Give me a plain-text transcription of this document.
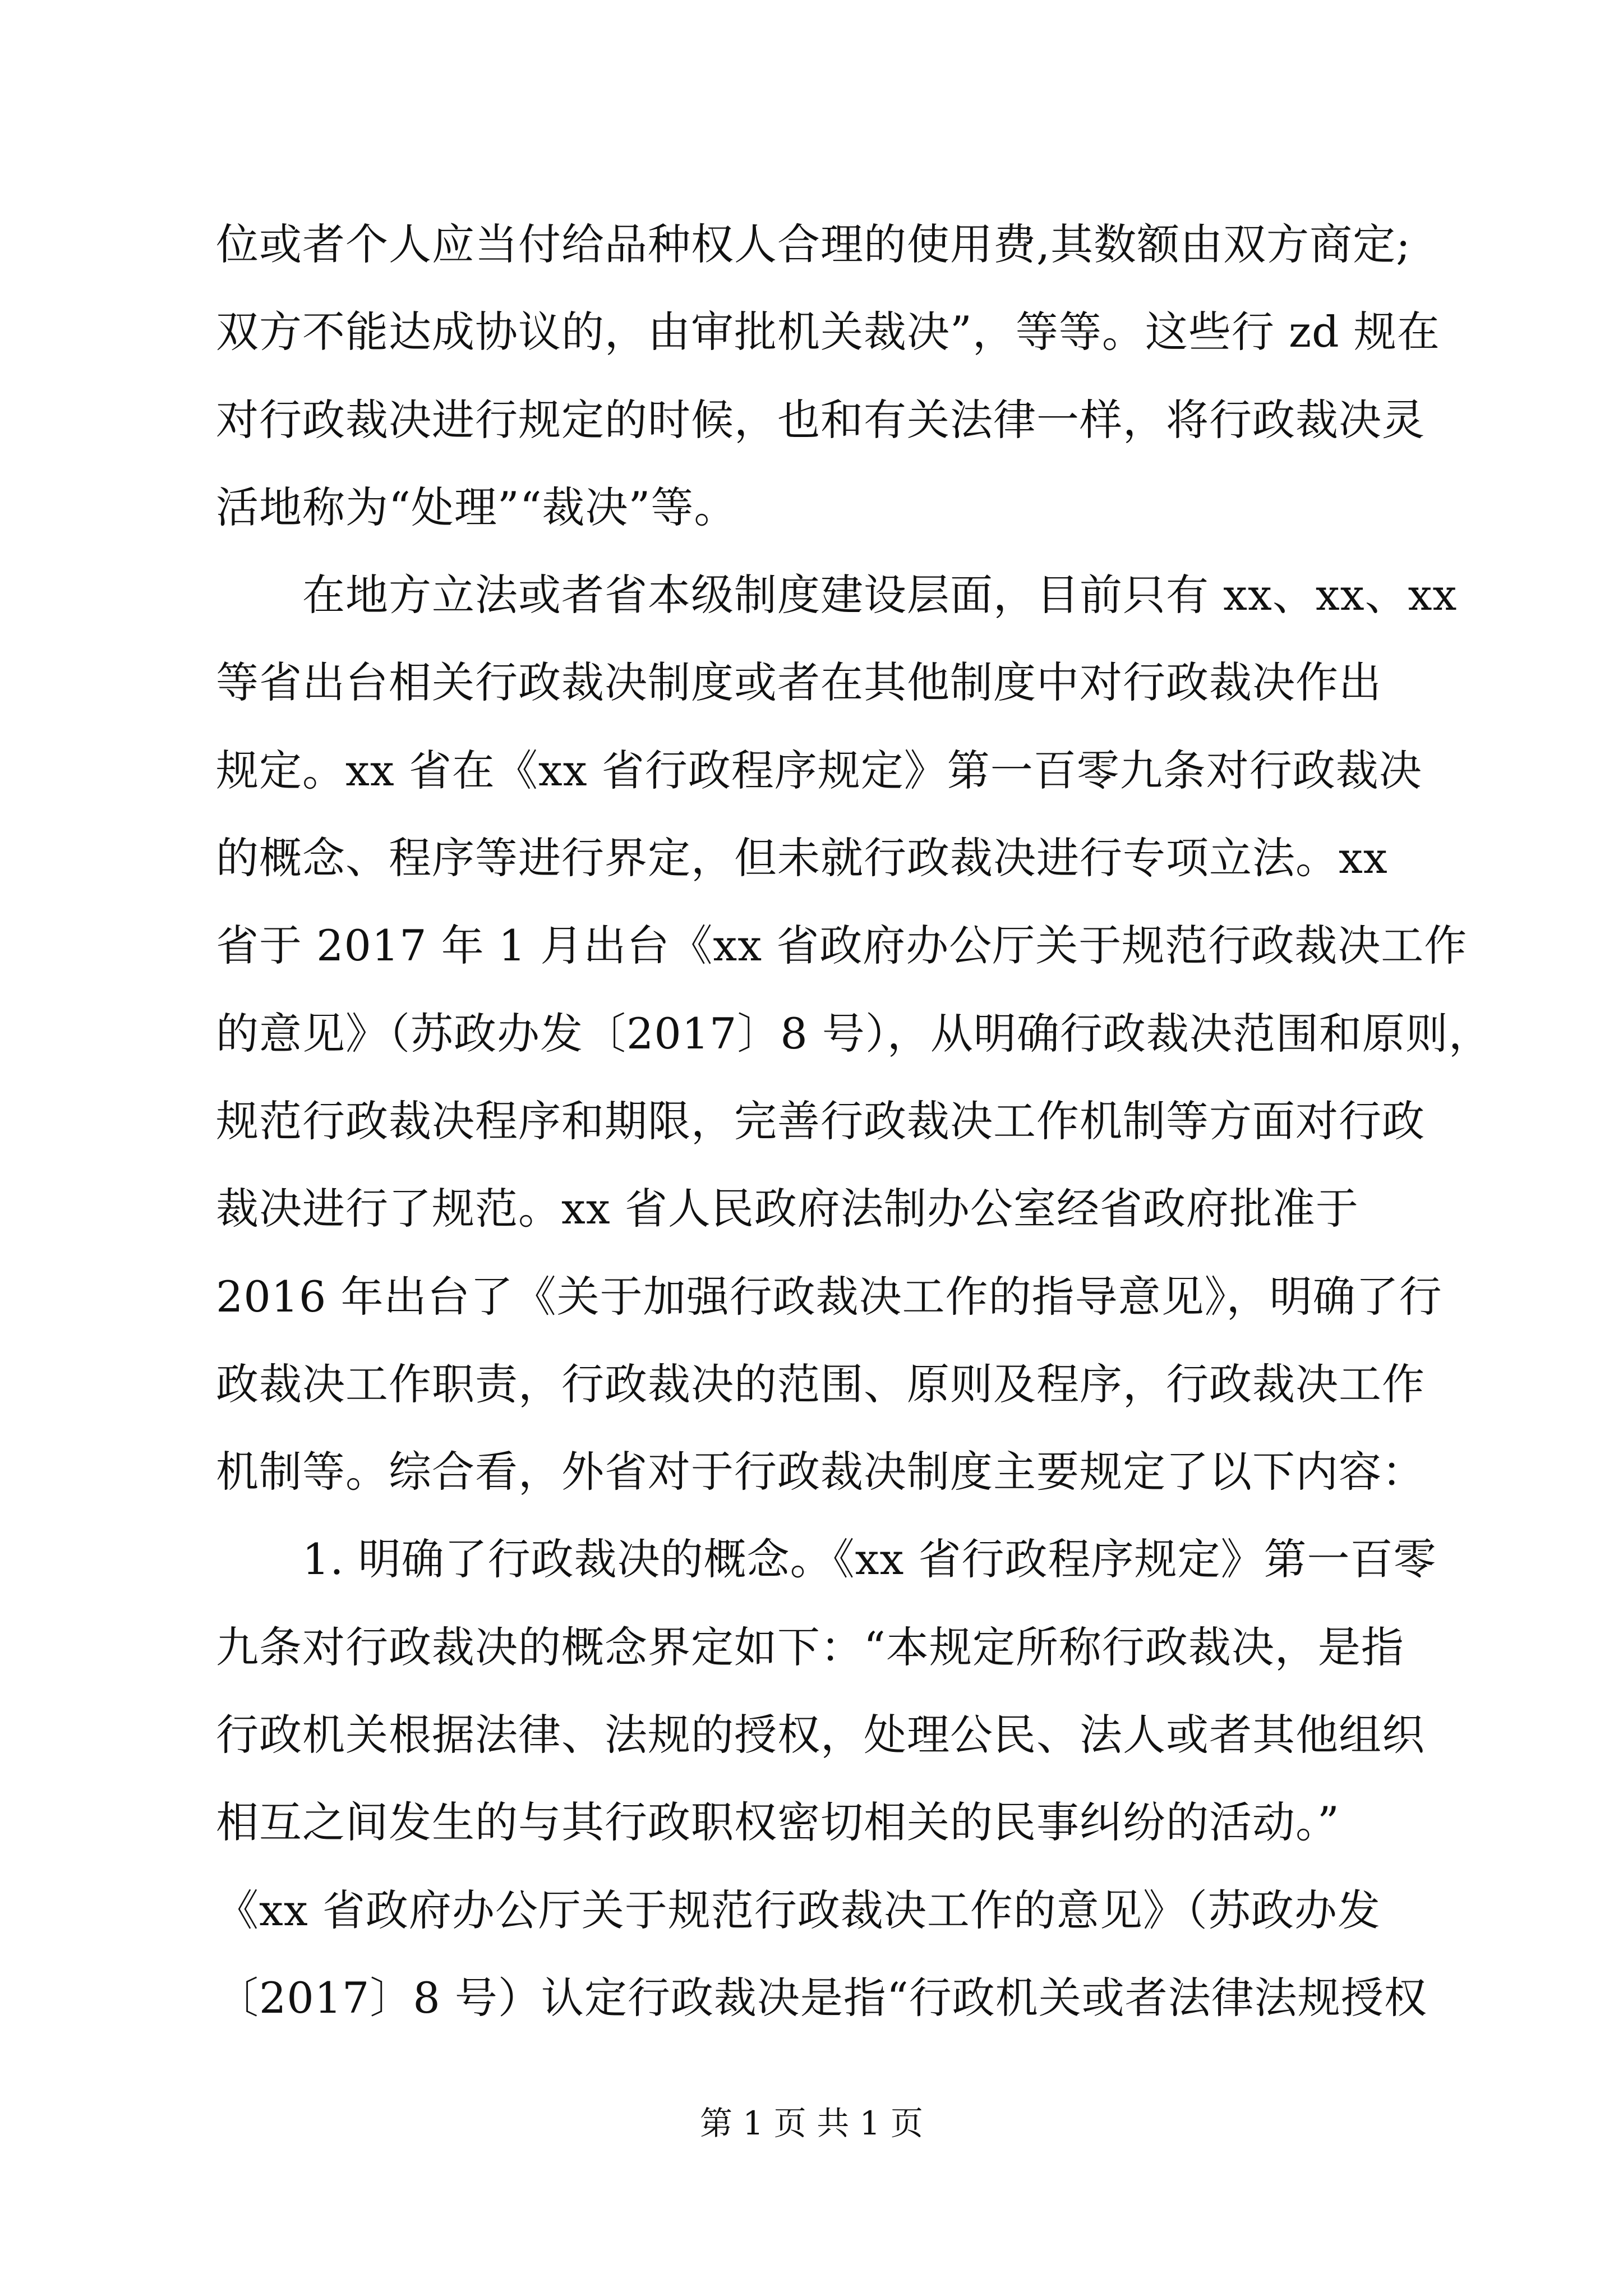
位或者个人应当付给品种权人合理的使用费,其数额由双方商定;
双方不能达成协议的，由审批机关裁决”，等等。这些行 zd 规在
对行政裁决进行规定的时候，也和有关法律一样，将行政裁决灵
活地称为“处理”“裁决”等。
　　在地方立法或者省本级制度建设层面，目前只有 xx、xx、xx
等省出台相关行政裁决制度或者在其他制度中对行政裁决作出
规定。xx 省在《xx 省行政程序规定》第一百零九条对行政裁决
的概念、程序等进行界定，但未就行政裁决进行专项立法。xx
省于 2017 年 1 月出台《xx 省政府办公厅关于规范行政裁决工作
的意见》（苏政办发〔2017〕8 号），从明确行政裁决范围和原则，
规范行政裁决程序和期限，完善行政裁决工作机制等方面对行政
裁决进行了规范。xx 省人民政府法制办公室经省政府批准于
2016 年出台了《关于加强行政裁决工作的指导意见》，明确了行
政裁决工作职责，行政裁决的范围、原则及程序，行政裁决工作
机制等。综合看，外省对于行政裁决制度主要规定了以下内容：
　　1. 明确了行政裁决的概念。《xx 省行政程序规定》第一百零
九条对行政裁决的概念界定如下：“本规定所称行政裁决，是指
行政机关根据法律、法规的授权，处理公民、法人或者其他组织
相互之间发生的与其行政职权密切相关的民事纠纷的活动。”
《xx 省政府办公厅关于规范行政裁决工作的意见》（苏政办发
〔2017〕8 号）认定行政裁决是指“行政机关或者法律法规授权
第 1 页 共 1 页
